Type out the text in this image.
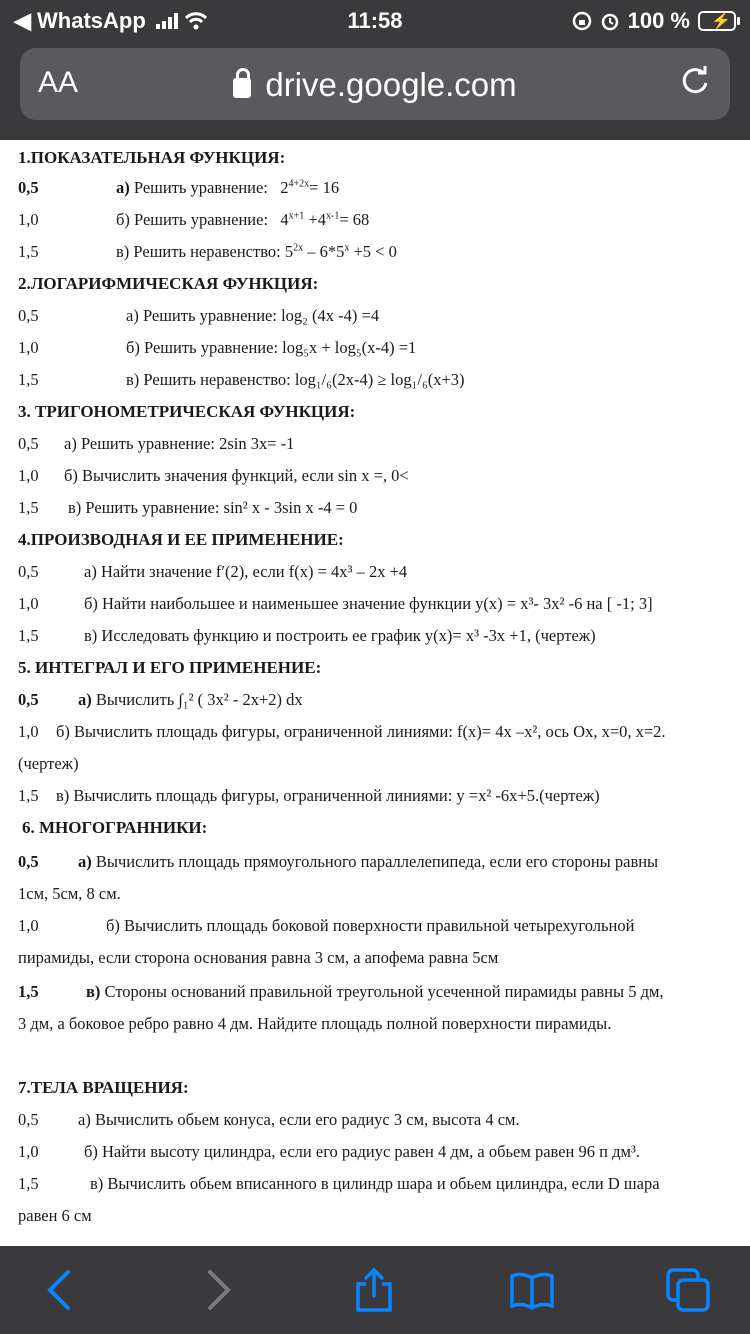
◀ WhatsApp	11:58	100 % ⚡
AA	drive.google.com
1.ПОКАЗАТЕЛЬНАЯ ФУНКЦИЯ:
0,5	а) Решить уравнение:   $2^{4+2x}= 16$
1,0	б) Решить уравнение:   $4^{x+1} +4^{x-1}= 68$
1,5	в) Решить неравенство: $5^{2x} - 6*5^x +5 < 0$
2.ЛОГАРИФМИЧЕСКАЯ ФУНКЦИЯ:
0,5	а) Решить уравнение: log₂ (4x -4) =4
1,0	б) Решить уравнение: log₅x + log₅(x-4) =1
1,5	в) Решить неравенство: log₁/₆(2x-4) ≥ log₁/₆(x+3)
3. ТРИГОНОМЕТРИЧЕСКАЯ ФУНКЦИЯ:
0,5 а) Решить уравнение: 2sin 3x= -1
1,0 б) Вычислить значения функций, если sin x =, 0<
1,5 в) Решить уравнение: sin² x - 3sin x -4 = 0
4.ПРОИЗВОДНАЯ И ЕЕ ПРИМЕНЕНИЕ:
0,5	а) Найти значение f′(2), если f(x) = 4x³ – 2x +4
1,0	б) Найти наибольшее и наименьшее значение функции y(x) = x³- 3x² -6 на [ -1; 3]
1,5	в) Исследовать функцию и построить ее график y(x)= x³ -3x +1, (чертеж)
5. ИНТЕГРАЛ И ЕГО ПРИМЕНЕНИЕ:
0,5 а) Вычислить ∫₁² ( 3x² - 2x+2) dx
1,0 б) Вычислить площадь фигуры, ограниченной линиями: f(x)= 4x –x², ось Ox, x=0, x=2.
(чертеж)
1,5 в) Вычислить площадь фигуры, ограниченной линиями: y =x² -6x+5.(чертеж)
6. МНОГОГРАННИКИ:
0,5 а) Вычислить площадь прямоугольного параллелепипеда, если его стороны равны
1см, 5см, 8 см.
1,0	б) Вычислить площадь боковой поверхности правильной четырехугольной
пирамиды, если сторона основания равна 3 см, а апофема равна 5см
1,5	в) Стороны оснований правильной треугольной усеченной пирамиды равны 5 дм,
3 дм, а боковое ребро равно 4 дм. Найдите площадь полной поверхности пирамиды.
7.ТЕЛА ВРАЩЕНИЯ:
0,5 а) Вычислить обьем конуса, если его радиус 3 см, высота 4 см.
1,0	б) Найти высоту цилиндра, если его радиус равен 4 дм, а обьем равен 96 п дм³.
1,5	в) Вычислить обьем вписанного в цилиндр шара и обьем цилиндра, если D шара
равен 6 см
